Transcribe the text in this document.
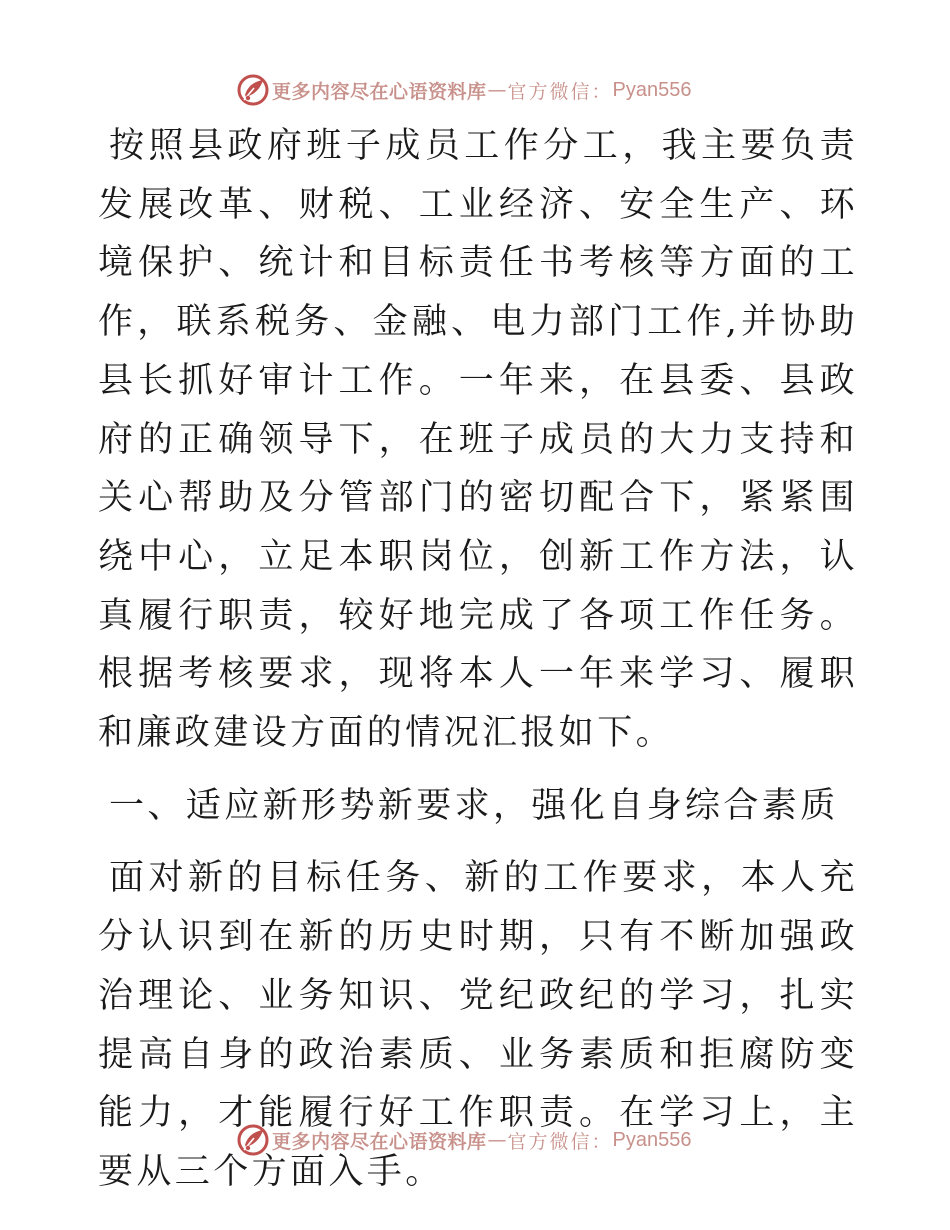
更多内容尽在心语资料库 — 官方微信： Pyan556

按照县政府班子成员工作分工，我主要负责发展改革、财税、工业经济、安全生产、环境保护、统计和目标责任书考核等方面的工作，联系税务、金融、电力部门工作,并协助县长抓好审计工作。一年来，在县委、县政府的正确领导下，在班子成员的大力支持和关心帮助及分管部门的密切配合下，紧紧围绕中心，立足本职岗位，创新工作方法，认真履行职责，较好地完成了各项工作任务。根据考核要求，现将本人一年来学习、履职和廉政建设方面的情况汇报如下。

一、适应新形势新要求，强化自身综合素质

面对新的目标任务、新的工作要求，本人充分认识到在新的历史时期，只有不断加强政治理论、业务知识、党纪政纪的学习，扎实提高自身的政治素质、业务素质和拒腐防变能力，才能履行好工作职责。在学习上，主要从三个方面入手。

更多内容尽在心语资料库 — 官方微信： Pyan556
